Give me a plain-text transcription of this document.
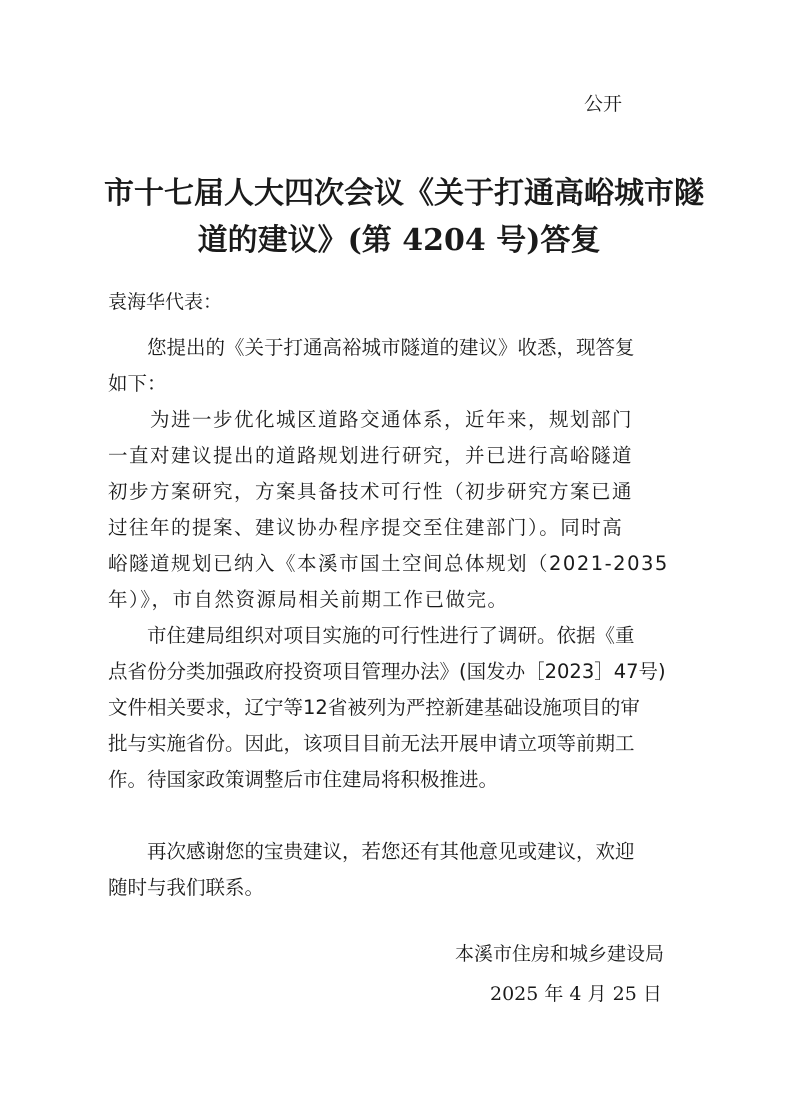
公开
市十七届人大四次会议《关于打通高峪城市隧
道的建议》(第 4204 号)答复
袁海华代表：
　　您提出的《关于打通高裕城市隧道的建议》收悉，现答复
如下：
　　为进一步优化城区道路交通体系，近年来，规划部门
一直对建议提出的道路规划进行研究，并已进行高峪隧道
初步方案研究，方案具备技术可行性（初步研究方案已通
过往年的提案、建议协办程序提交至住建部门）。同时高
峪隧道规划已纳入《本溪市国土空间总体规划（2021-2035
年）》，市自然资源局相关前期工作已做完。
　　市住建局组织对项目实施的可行性进行了调研。依据《重
点省份分类加强政府投资项目管理办法》(国发办［2023］47号)
文件相关要求，辽宁等12省被列为严控新建基础设施项目的审
批与实施省份。因此，该项目目前无法开展申请立项等前期工
作。待国家政策调整后市住建局将积极推进。
　　再次感谢您的宝贵建议，若您还有其他意见或建议，欢迎
随时与我们联系。
本溪市住房和城乡建设局
2025 年 4 月 25 日
